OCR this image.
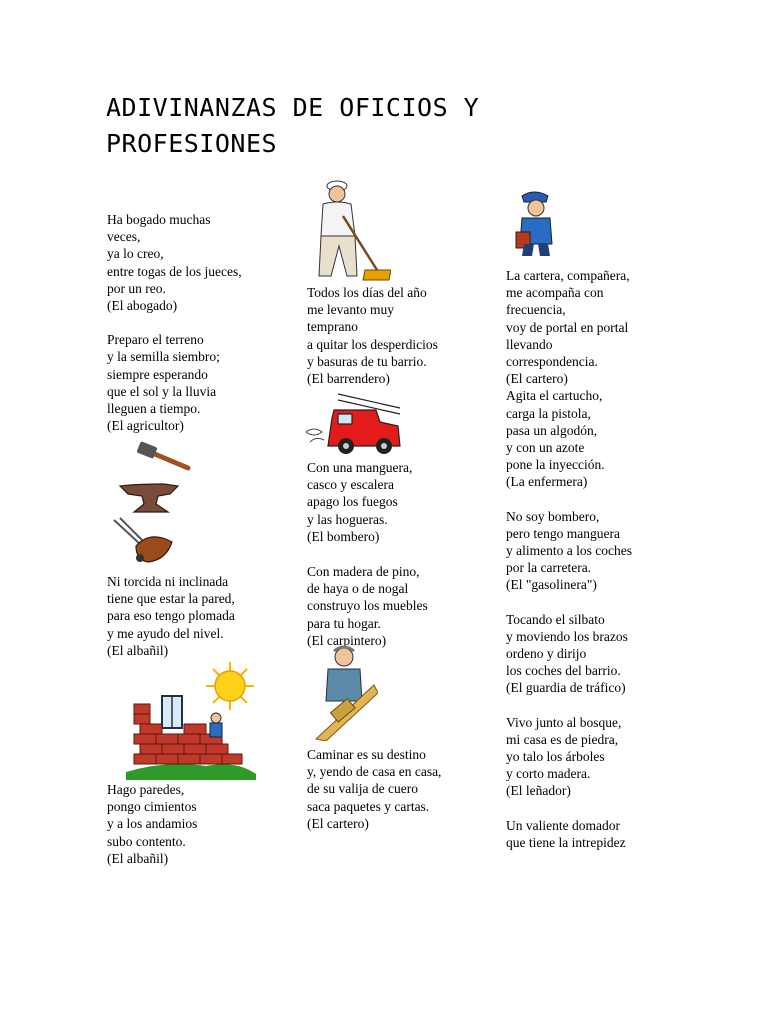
ADIVINANZAS DE OFICIOS Y
PROFESIONES
Ha bogado muchas
veces,
ya lo creo,
entre togas de los jueces,
por un reo.
(El abogado)
Preparo el terreno
y la semilla siembro;
siempre esperando
que el sol y la lluvia
lleguen a tiempo.
(El agricultor)
Ni torcida ni inclinada
tiene que estar la pared,
para eso tengo plomada
y me ayudo del nivel.
(El albañil)
Hago paredes,
pongo cimientos
y a los andamios
subo contento.
(El albañil)
Todos los días del año
me levanto muy
temprano
a quitar los desperdicios
y basuras de tu barrio.
(El barrendero)
Con una manguera,
casco y escalera
apago los fuegos
y las hogueras.
(El bombero)
Con madera de pino,
de haya o de nogal
construyo los muebles
para tu hogar.
(El carpintero)
Caminar es su destino
y, yendo de casa en casa,
de su valija de cuero
saca paquetes y cartas.
(El cartero)
La cartera, compañera,
me acompaña con
frecuencia,
voy de portal en portal
llevando
correspondencia.
(El cartero)
Agita el cartucho,
carga la pistola,
pasa un algodón,
y con un azote
pone la inyección.
(La enfermera)
No soy bombero,
pero tengo manguera
y alimento a los coches
por la carretera.
(El "gasolinera")
Tocando el silbato
y moviendo los brazos
ordeno y dirijo
los coches del barrio.
(El guardia de tráfico)
Vivo junto al bosque,
mi casa es de piedra,
yo talo los árboles
y corto madera.
(El leñador)
Un valiente domador
que tiene la intrepidez
